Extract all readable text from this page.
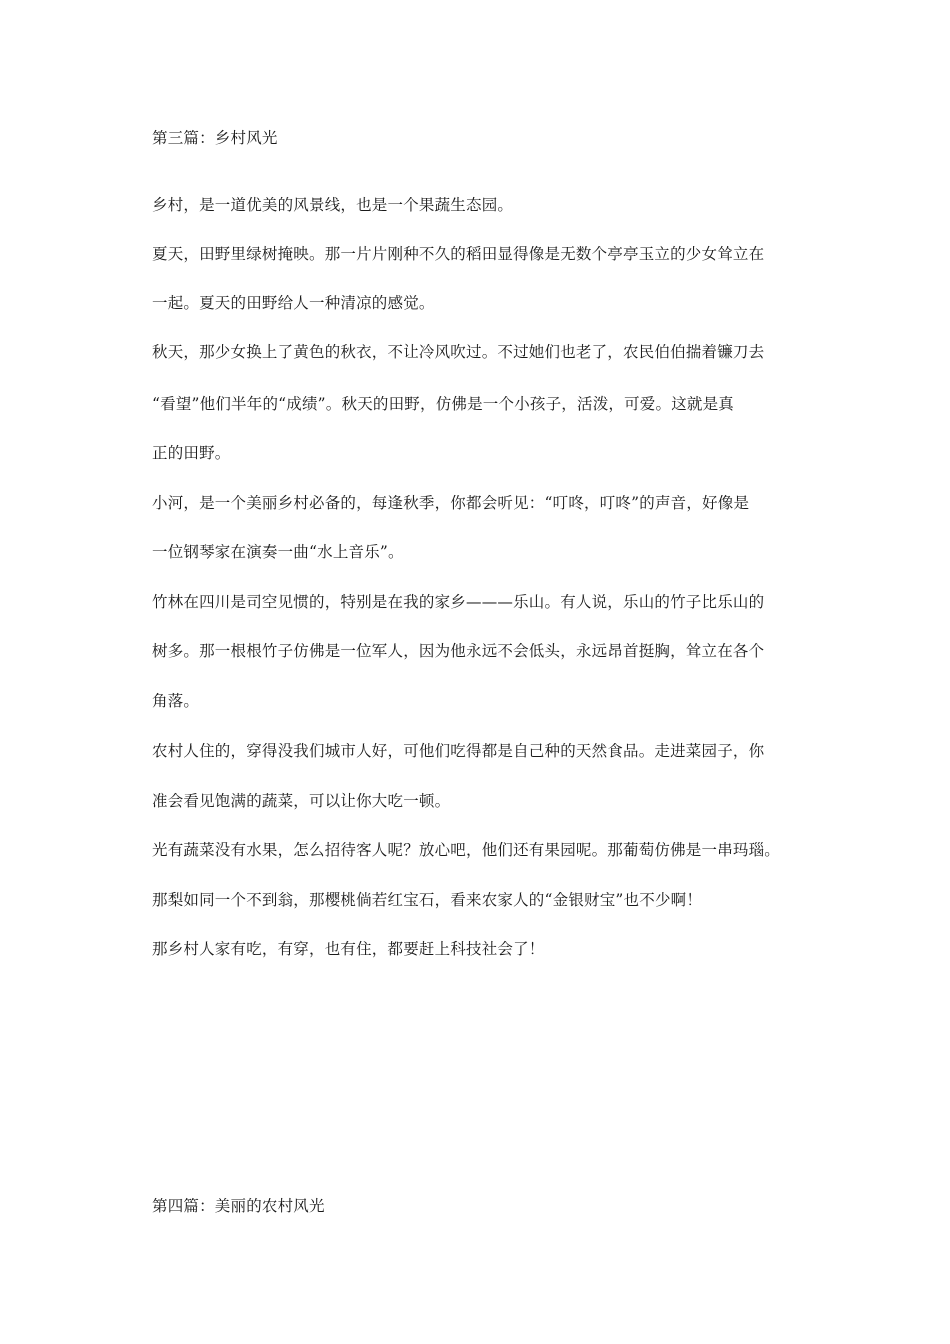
第三篇：乡村风光
乡村，是一道优美的风景线，也是一个果蔬生态园。
夏天，田野里绿树掩映。那一片片刚种不久的稻田显得像是无数个亭亭玉立的少女耸立在
一起。夏天的田野给人一种清凉的感觉。
秋天，那少女换上了黄色的秋衣，不让冷风吹过。不过她们也老了，农民伯伯揣着镰刀去
“看望”他们半年的“成绩”。秋天的田野，仿佛是一个小孩子，活泼，可爱。这就是真
正的田野。
小河，是一个美丽乡村必备的，每逢秋季，你都会听见：“叮咚，叮咚”的声音，好像是
一位钢琴家在演奏一曲“水上音乐”。
竹林在四川是司空见惯的，特别是在我的家乡———乐山。有人说，乐山的竹子比乐山的
树多。那一根根竹子仿佛是一位军人，因为他永远不会低头，永远昂首挺胸，耸立在各个
角落。
农村人住的，穿得没我们城市人好，可他们吃得都是自己种的天然食品。走进菜园子，你
准会看见饱满的蔬菜，可以让你大吃一顿。
光有蔬菜没有水果，怎么招待客人呢？放心吧，他们还有果园呢。那葡萄仿佛是一串玛瑙。
那梨如同一个不到翁，那樱桃倘若红宝石，看来农家人的“金银财宝”也不少啊！
那乡村人家有吃，有穿，也有住，都要赶上科技社会了！
第四篇：美丽的农村风光
